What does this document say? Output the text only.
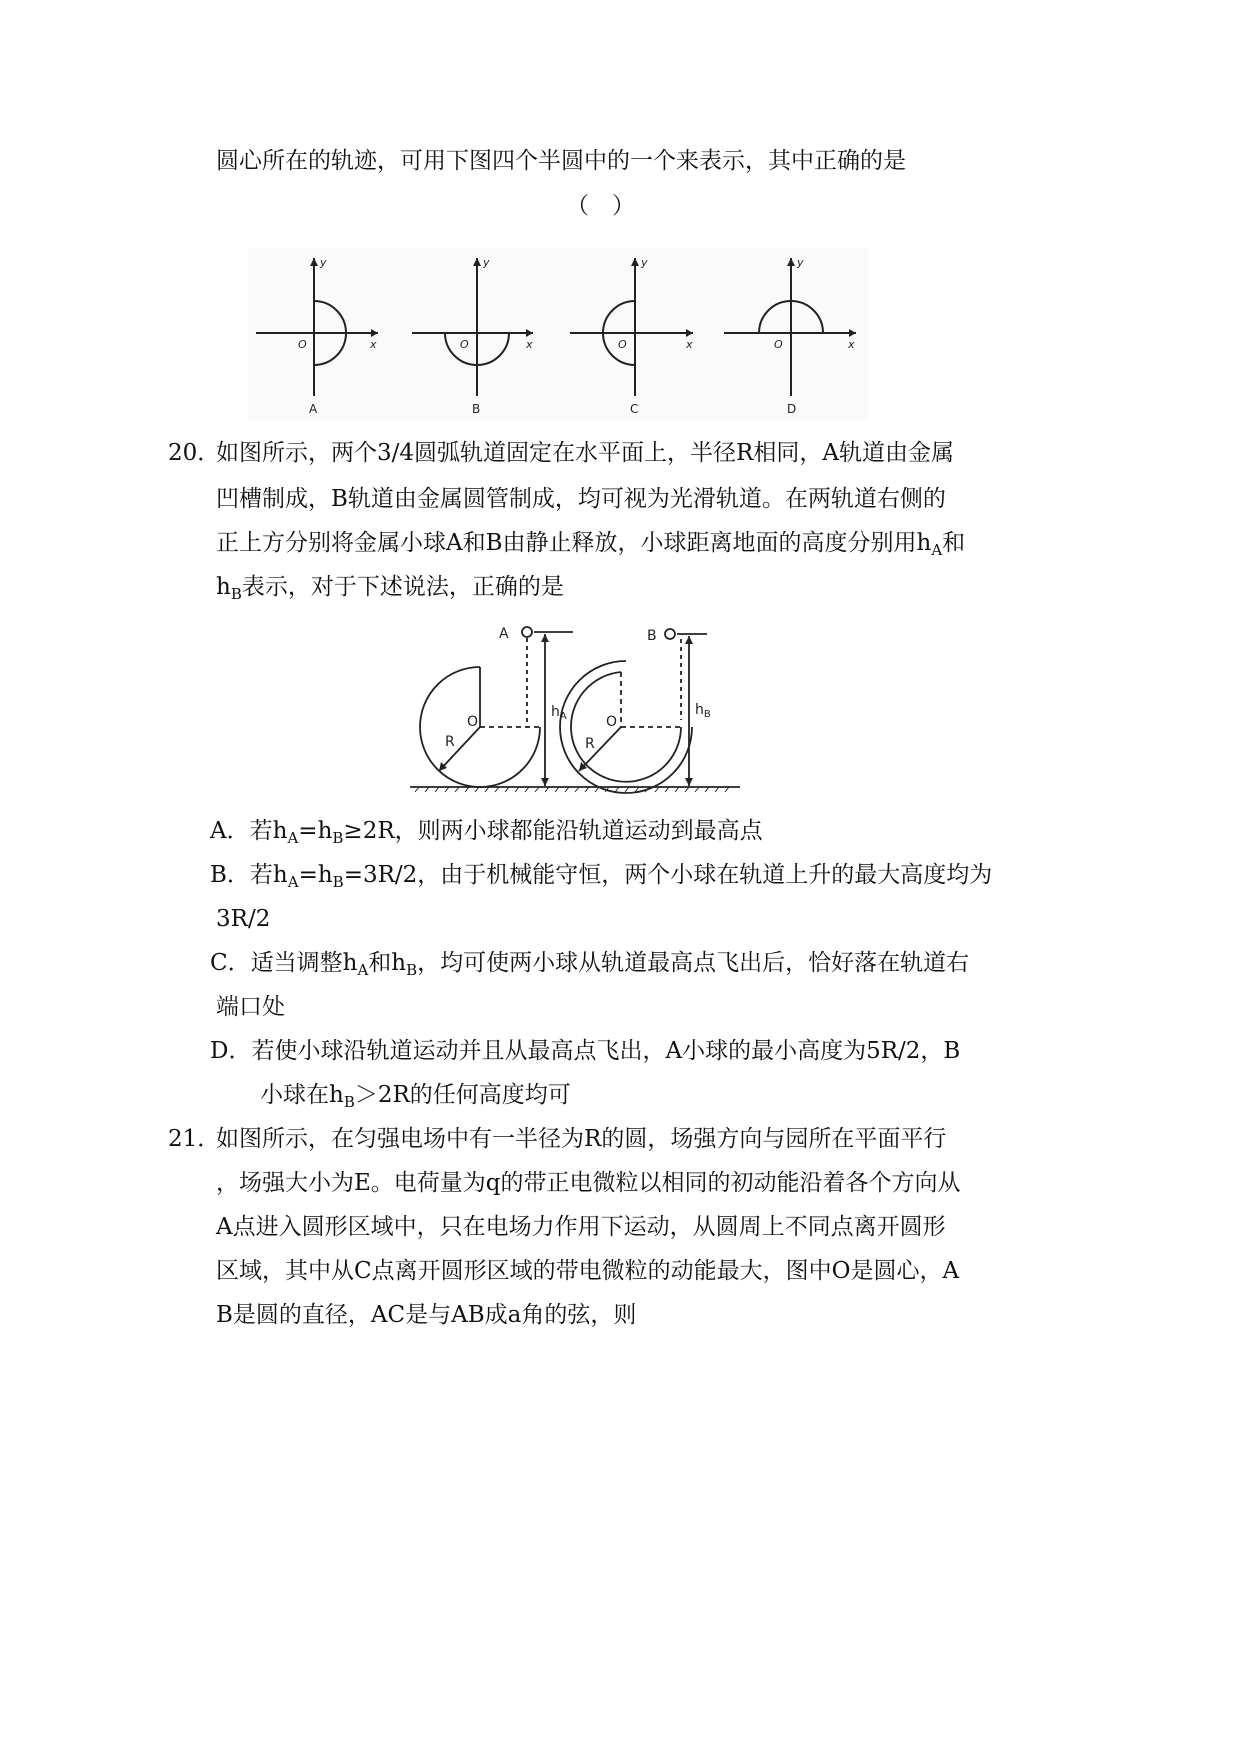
圆心所在的轨迹，可用下图四个半圆中的一个来表示，其中正确的是
（　）
y
x
O
y
x
O
y
x
O
y
x
O
A	B	C	D
20．
如图所示，两个3/4圆弧轨道固定在水平面上，半径R相同，A轨道由金属
凹槽制成，B轨道由金属圆管制成，均可视为光滑轨道。在两轨道右侧的
正上方分别将金属小球A和B由静止释放，小球距离地面的高度分别用$h_A$和
$h_B$表示，对于下述说法，正确的是
A	B
O	O
R	R
$h_A$	$h_B$
A．若$h_A=h_B\ge 2R$，则两小球都能沿轨道运动到最高点
B．若$h_A=h_B=3R/2$，由于机械能守恒，两个小球在轨道上升的最大高度均为
3R/2
C．适当调整$h_A$和$h_B$，均可使两小球从轨道最高点飞出后，恰好落在轨道右
端口处
D．若使小球沿轨道运动并且从最高点飞出，A小球的最小高度为5R/2，B
小球在$h_B>2R$的任何高度均可
21．
如图所示，在匀强电场中有一半径为R的圆，场强方向与园所在平面平行
，场强大小为E。电荷量为q的带正电微粒以相同的初动能沿着各个方向从
A点进入圆形区域中，只在电场力作用下运动，从圆周上不同点离开圆形
区域，其中从C点离开圆形区域的带电微粒的动能最大，图中O是圆心，A
B是圆的直径，AC是与AB成a角的弦，则
